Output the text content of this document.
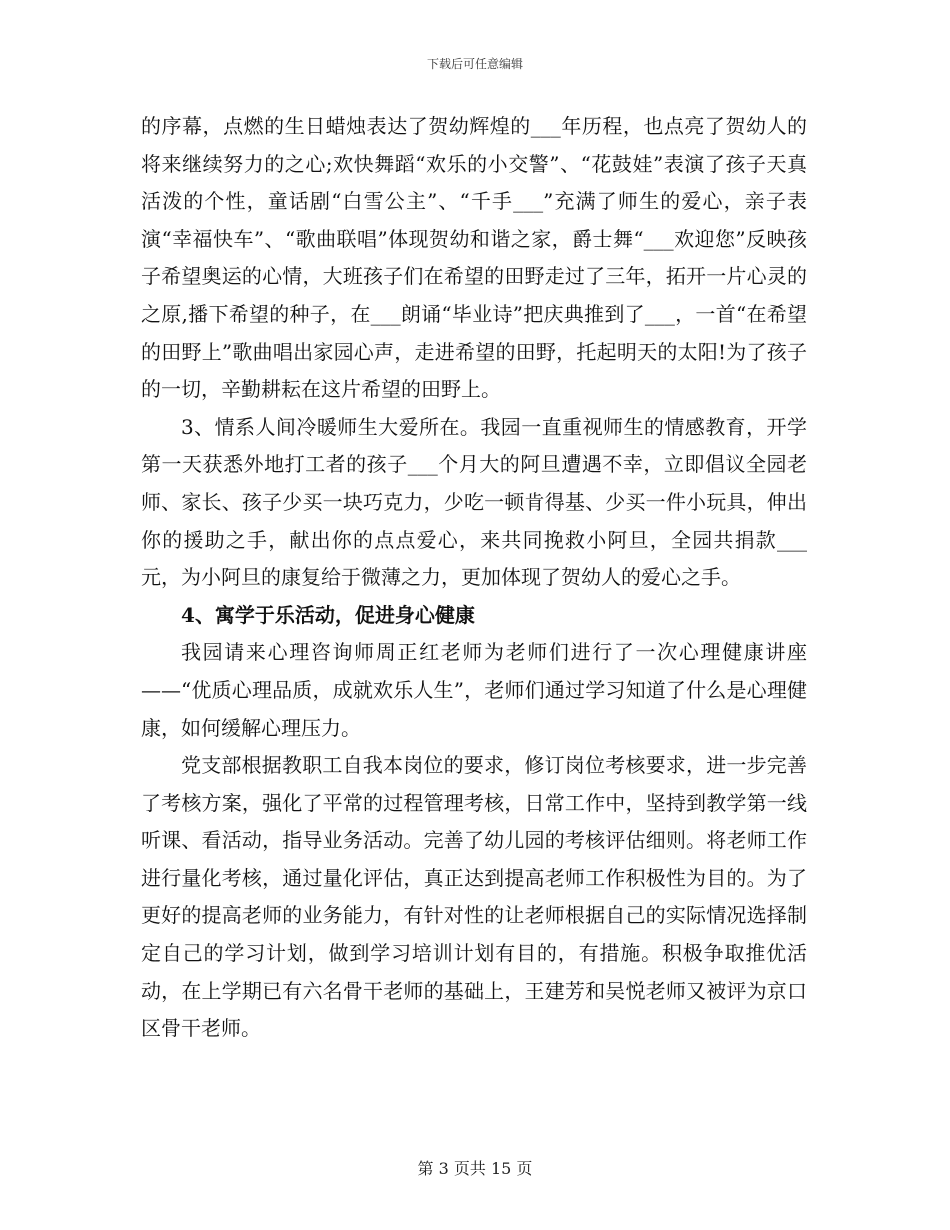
下载后可任意编辑

的序幕，点燃的生日蜡烛表达了贺幼辉煌的___年历程，也点亮了贺幼人的将来继续努力的之心;欢快舞蹈“欢乐的小交警”、“花鼓娃”表演了孩子天真活泼的个性，童话剧“白雪公主”、“千手___”充满了师生的爱心，亲子表演“幸福快车”、“歌曲联唱”体现贺幼和谐之家，爵士舞“___欢迎您”反映孩子希望奥运的心情，大班孩子们在希望的田野走过了三年，拓开一片心灵的之原,播下希望的种子，在___朗诵“毕业诗”把庆典推到了___，一首“在希望的田野上”歌曲唱出家园心声，走进希望的田野，托起明天的太阳!为了孩子的一切，辛勤耕耘在这片希望的田野上。

3、情系人间冷暖师生大爱所在。我园一直重视师生的情感教育，开学第一天获悉外地打工者的孩子___个月大的阿旦遭遇不幸，立即倡议全园老师、家长、孩子少买一块巧克力，少吃一顿肯得基、少买一件小玩具，伸出你的援助之手，献出你的点点爱心，来共同挽救小阿旦，全园共捐款___元，为小阿旦的康复给于微薄之力，更加体现了贺幼人的爱心之手。

4、寓学于乐活动，促进身心健康

我园请来心理咨询师周正红老师为老师们进行了一次心理健康讲座——“优质心理品质，成就欢乐人生”，老师们通过学习知道了什么是心理健康，如何缓解心理压力。

党支部根据教职工自我本岗位的要求，修订岗位考核要求，进一步完善了考核方案，强化了平常的过程管理考核，日常工作中，坚持到教学第一线听课、看活动，指导业务活动。完善了幼儿园的考核评估细则。将老师工作进行量化考核，通过量化评估，真正达到提高老师工作积极性为目的。为了更好的提高老师的业务能力，有针对性的让老师根据自己的实际情况选择制定自己的学习计划，做到学习培训计划有目的，有措施。积极争取推优活动，在上学期已有六名骨干老师的基础上，王建芳和吴悦老师又被评为京口区骨干老师。

第 3 页共 15 页
